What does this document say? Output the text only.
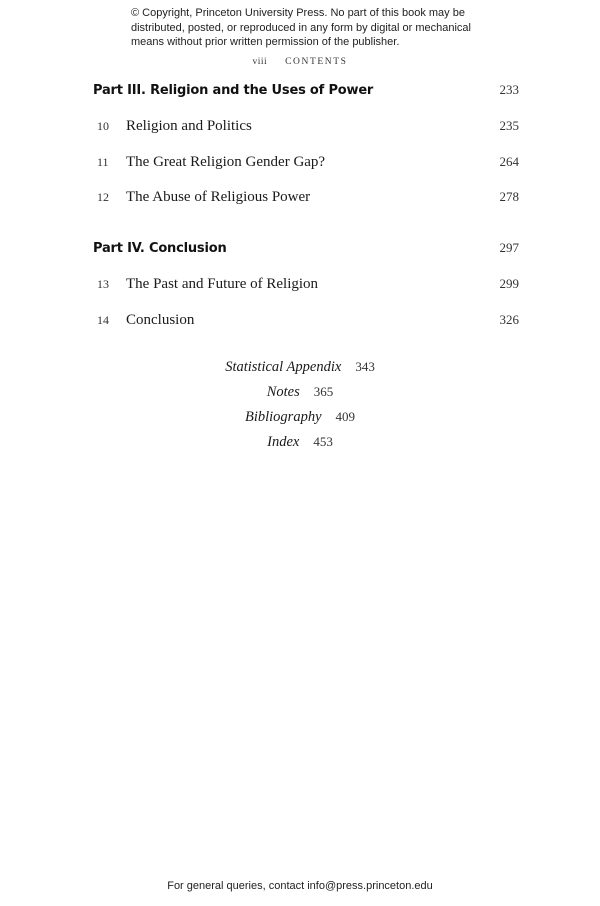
© Copyright, Princeton University Press. No part of this book may be
distributed, posted, or reproduced in any form by digital or mechanical
means without prior written permission of the publisher.
viii CONTENTS
Part III. Religion and the Uses of Power	233
10	Religion and Politics	235
11	The Great Religion Gender Gap?	264
12	The Abuse of Religious Power	278
Part IV. Conclusion	297
13	The Past and Future of Religion	299
14	Conclusion	326
Statistical Appendix 343
Notes 365
Bibliography 409
Index 453
For general queries, contact info@press.princeton.edu
